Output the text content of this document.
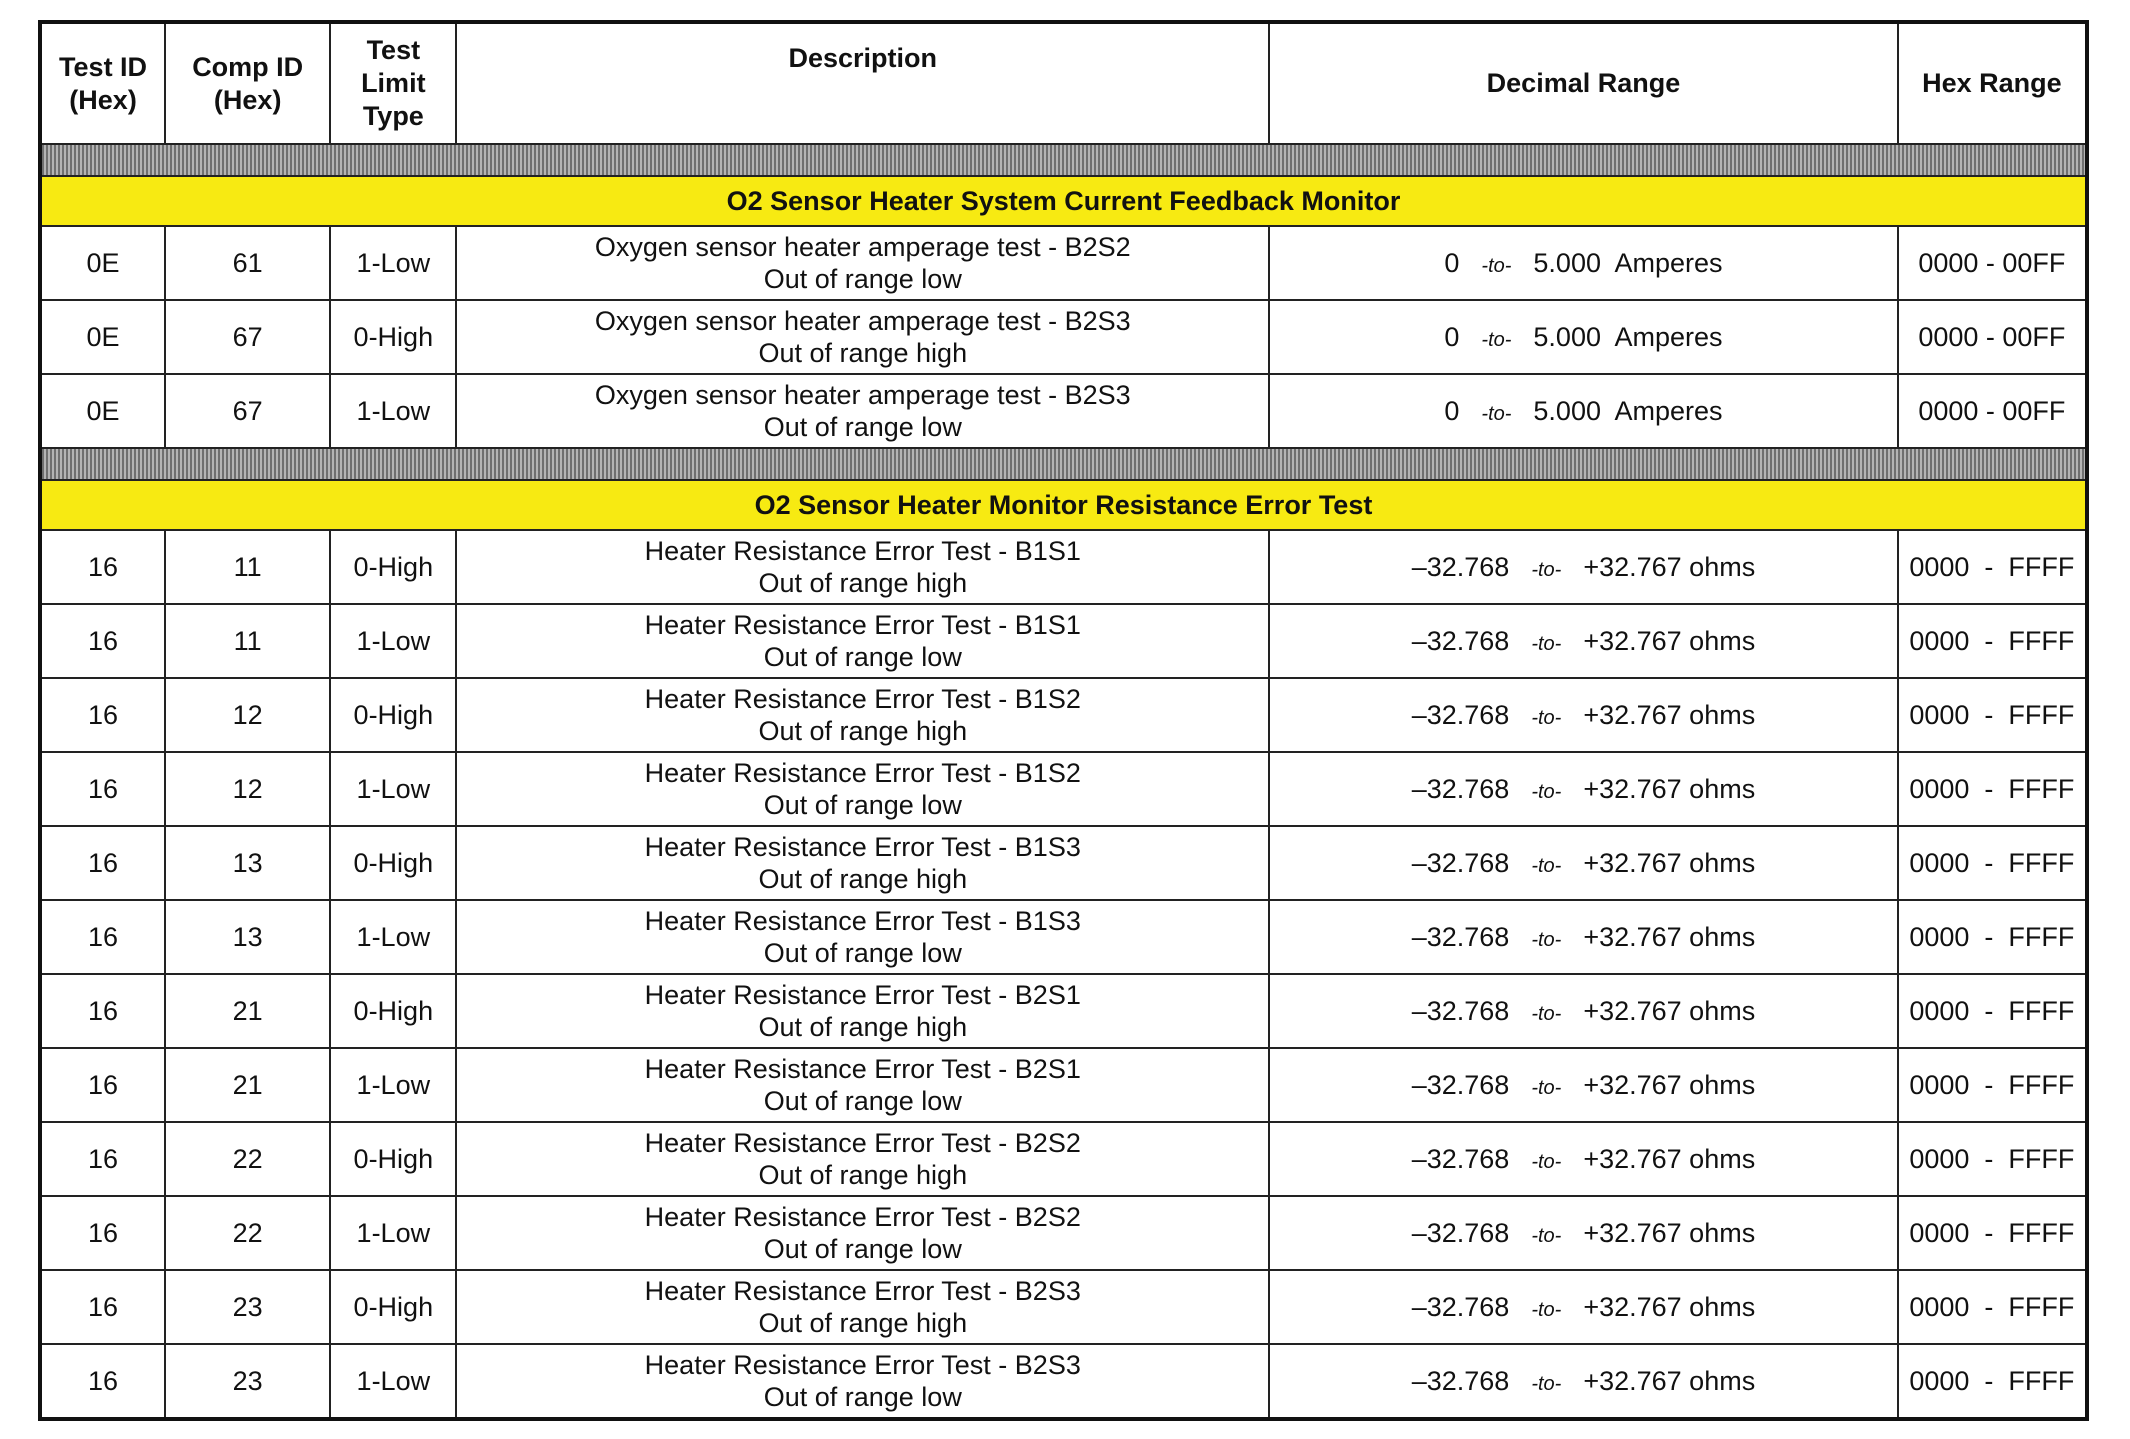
Test ID (Hex)	Comp ID (Hex)	Test Limit Type	Description	Decimal Range	Hex Range

O2 Sensor Heater System Current Feedback Monitor					
0E	61	1-Low	Oxygen sensor heater amperage test - B2S2
Out of range low	0 -to- 5.000  Amperes	0000 - 00FF
0E	67	0-High	Oxygen sensor heater amperage test - B2S3
Out of range high	0 -to- 5.000  Amperes	0000 - 00FF
0E	67	1-Low	Oxygen sensor heater amperage test - B2S3
Out of range low	0 -to- 5.000  Amperes	0000 - 00FF

O2 Sensor Heater Monitor Resistance Error Test					
16	11	0-High	Heater Resistance Error Test - B1S1
Out of range high	–32.768 -to- +32.767 ohms	0000  -  FFFF
16	11	1-Low	Heater Resistance Error Test - B1S1
Out of range low	–32.768 -to- +32.767 ohms	0000  -  FFFF
16	12	0-High	Heater Resistance Error Test - B1S2
Out of range high	–32.768 -to- +32.767 ohms	0000  -  FFFF
16	12	1-Low	Heater Resistance Error Test - B1S2
Out of range low	–32.768 -to- +32.767 ohms	0000  -  FFFF
16	13	0-High	Heater Resistance Error Test - B1S3
Out of range high	–32.768 -to- +32.767 ohms	0000  -  FFFF
16	13	1-Low	Heater Resistance Error Test - B1S3
Out of range low	–32.768 -to- +32.767 ohms	0000  -  FFFF
16	21	0-High	Heater Resistance Error Test - B2S1
Out of range high	–32.768 -to- +32.767 ohms	0000  -  FFFF
16	21	1-Low	Heater Resistance Error Test - B2S1
Out of range low	–32.768 -to- +32.767 ohms	0000  -  FFFF
16	22	0-High	Heater Resistance Error Test - B2S2
Out of range high	–32.768 -to- +32.767 ohms	0000  -  FFFF
16	22	1-Low	Heater Resistance Error Test - B2S2
Out of range low	–32.768 -to- +32.767 ohms	0000  -  FFFF
16	23	0-High	Heater Resistance Error Test - B2S3
Out of range high	–32.768 -to- +32.767 ohms	0000  -  FFFF
16	23	1-Low	Heater Resistance Error Test - B2S3
Out of range low	–32.768 -to- +32.767 ohms	0000  -  FFFF
